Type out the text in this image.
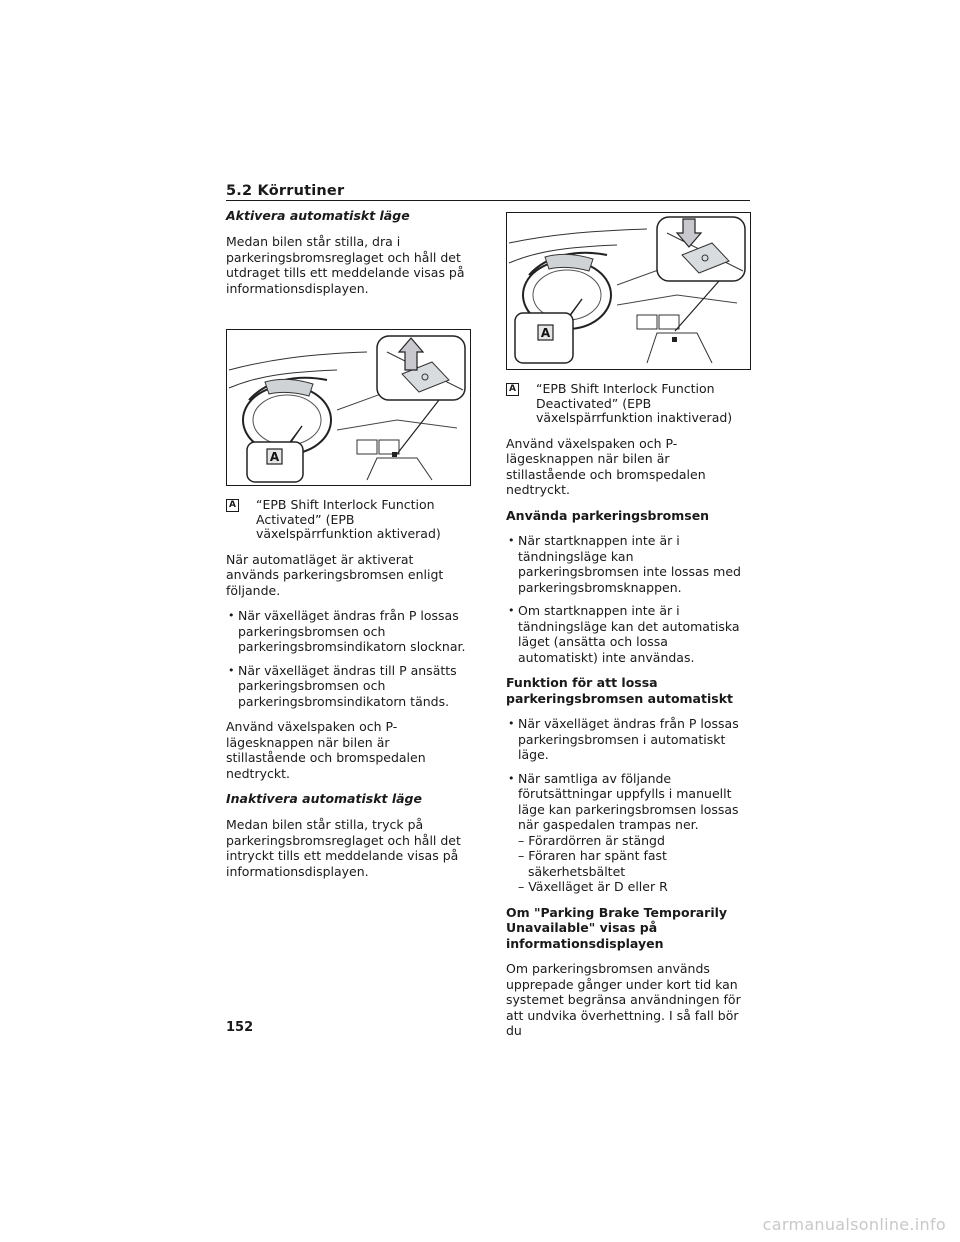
5.2 Körrutiner
Aktivera automatiskt läge

Medan bilen står stilla, dra i parkeringsbromsreglaget och håll det utdraget tills ett meddelande visas på informationsdisplayen.

A
A “EPB Shift Interlock Function Activated” (EPB växelspärrfunktion aktiverad)

När automatläget är aktiverat används parkeringsbromsen enligt följande.

• När växelläget ändras från P lossas parkeringsbromsen och parkeringsbromsindikatorn slocknar.
• När växelläget ändras till P ansätts parkeringsbromsen och parkeringsbromsindikatorn tänds.

Använd växelspaken och P-lägesknappen när bilen är stillastående och bromspedalen nedtryckt.

Inaktivera automatiskt läge

Medan bilen står stilla, tryck på parkeringsbromsreglaget och håll det intryckt tills ett meddelande visas på informationsdisplayen.

A
A “EPB Shift Interlock Function Deactivated” (EPB växelspärrfunktion inaktiverad)

Använd växelspaken och P-lägesknappen när bilen är stillastående och bromspedalen nedtryckt.

Använda parkeringsbromsen
• När startknappen inte är i tändningsläge kan parkeringsbromsen inte lossas med parkeringsbromsknappen.
• Om startknappen inte är i tändningsläge kan det automatiska läget (ansätta och lossa automatiskt) inte användas.
Funktion för att lossa parkeringsbromsen automatiskt
• När växelläget ändras från P lossas parkeringsbromsen i automatiskt läge.
• När samtliga av följande förutsättningar uppfylls i manuellt läge kan parkeringsbromsen lossas när gaspedalen trampas ner.
– Förardörren är stängd
– Föraren har spänt fast säkerhetsbältet
– Växelläget är D eller R
Om "Parking Brake Temporarily Unavailable" visas på informationsdisplayen

Om parkeringsbromsen används upprepade gånger under kort tid kan systemet begränsa användningen för att undvika överhettning. I så fall bör du

152
carmanualsonline.info
